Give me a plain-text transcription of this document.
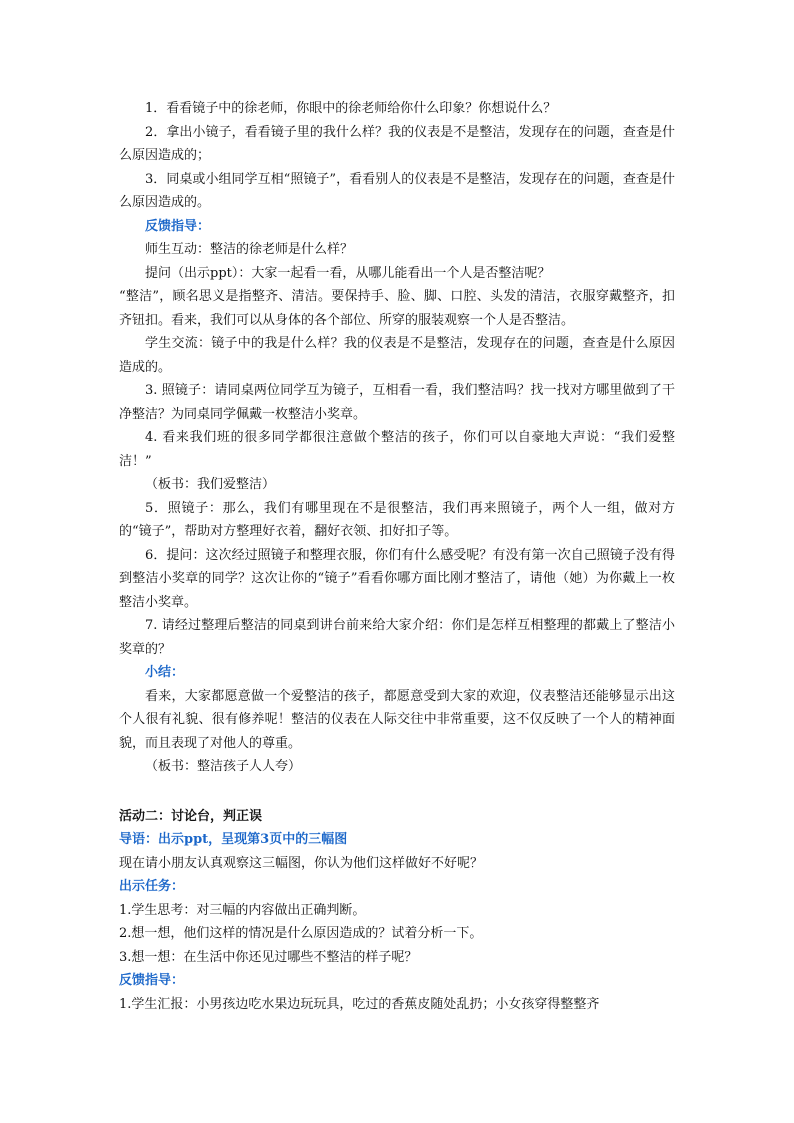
1．看看镜子中的徐老师，你眼中的徐老师给你什么印象？你想说什么？

2．拿出小镜子，看看镜子里的我什么样？我的仪表是不是整洁，发现存在的问题，查查是什么原因造成的；

3．同桌或小组同学互相“照镜子”，看看别人的仪表是不是整洁，发现存在的问题，查查是什么原因造成的。

反馈指导：

师生互动：整洁的徐老师是什么样？

提问（出示ppt）：大家一起看一看，从哪儿能看出一个人是否整洁呢？

“整洁”，顾名思义是指整齐、清洁。要保持手、脸、脚、口腔、头发的清洁，衣服穿戴整齐，扣齐钮扣。看来，我们可以从身体的各个部位、所穿的服装观察一个人是否整洁。

学生交流：镜子中的我是什么样？我的仪表是不是整洁，发现存在的问题，查查是什么原因造成的。

3. 照镜子：请同桌两位同学互为镜子，互相看一看，我们整洁吗？找一找对方哪里做到了干净整洁？为同桌同学佩戴一枚整洁小奖章。

4. 看来我们班的很多同学都很注意做个整洁的孩子，你们可以自豪地大声说：“我们爱整洁！”

（板书：我们爱整洁）

5．照镜子：那么，我们有哪里现在不是很整洁，我们再来照镜子，两个人一组，做对方的“镜子”，帮助对方整理好衣着，翻好衣领、扣好扣子等。

6．提问：这次经过照镜子和整理衣服，你们有什么感受呢？有没有第一次自己照镜子没有得到整洁小奖章的同学？这次让你的“镜子”看看你哪方面比刚才整洁了，请他（她）为你戴上一枚整洁小奖章。

7. 请经过整理后整洁的同桌到讲台前来给大家介绍：你们是怎样互相整理的都戴上了整洁小奖章的？

小结：

看来，大家都愿意做一个爱整洁的孩子，都愿意受到大家的欢迎，仪表整洁还能够显示出这个人很有礼貌、很有修养呢！整洁的仪表在人际交往中非常重要，这不仅反映了一个人的精神面貌，而且表现了对他人的尊重。

（板书：整洁孩子人人夸）

活动二：讨论台，判正误

导语：出示ppt，呈现第3页中的三幅图

现在请小朋友认真观察这三幅图，你认为他们这样做好不好呢？

出示任务：

1.学生思考：对三幅的内容做出正确判断。

2.想一想，他们这样的情况是什么原因造成的？试着分析一下。

3.想一想：在生活中你还见过哪些不整洁的样子呢？

反馈指导：

1.学生汇报：小男孩边吃水果边玩玩具，吃过的香蕉皮随处乱扔；小女孩穿得整整齐
